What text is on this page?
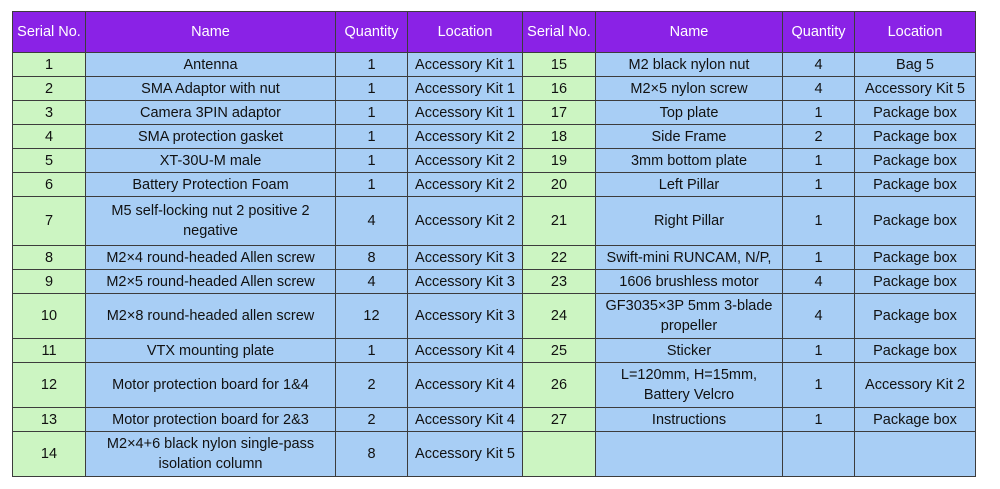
Serial No.	Name	Quantity	Location	Serial No.	Name	Quantity	Location
1	Antenna	1	Accessory Kit 1	15	M2 black nylon nut	4	Bag 5
2	SMA Adaptor with nut	1	Accessory Kit 1	16	M2×5 nylon screw	4	Accessory Kit 5
3	Camera 3PIN adaptor	1	Accessory Kit 1	17	Top plate	1	Package box
4	SMA protection gasket	1	Accessory Kit 2	18	Side Frame	2	Package box
5	XT-30U-M male	1	Accessory Kit 2	19	3mm bottom plate	1	Package box
6	Battery Protection Foam	1	Accessory Kit 2	20	Left Pillar	1	Package box
7	M5 self-locking nut 2 positive 2 negative	4	Accessory Kit 2	21	Right Pillar	1	Package box
8	M2×4 round-headed Allen screw	8	Accessory Kit 3	22	Swift-mini RUNCAM, N/P,	1	Package box
9	M2×5 round-headed Allen screw	4	Accessory Kit 3	23	1606 brushless motor	4	Package box
10	M2×8 round-headed allen screw	12	Accessory Kit 3	24	GF3035×3P 5mm 3-blade propeller	4	Package box
11	VTX mounting plate	1	Accessory Kit 4	25	Sticker	1	Package box
12	Motor protection board for 1&4	2	Accessory Kit 4	26	L=120mm, H=15mm, Battery Velcro	1	Accessory Kit 2
13	Motor protection board for 2&3	2	Accessory Kit 4	27	Instructions	1	Package box
14	M2×4+6 black nylon single-pass isolation column	8	Accessory Kit 5				
